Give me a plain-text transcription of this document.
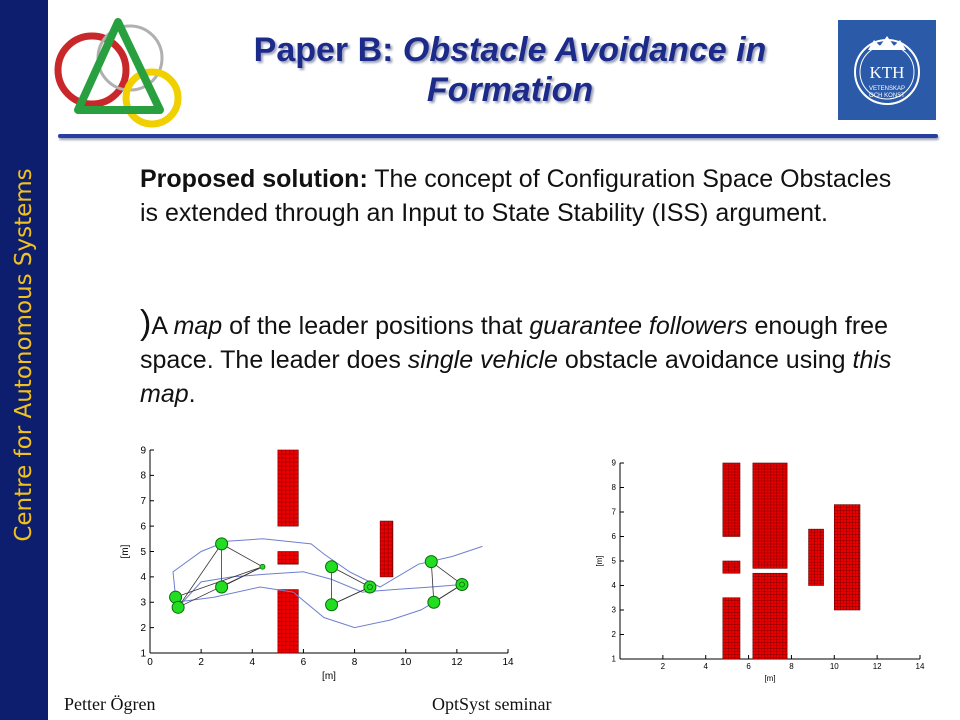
Centre for Autonomous Systems
Paper B: Obstacle Avoidance in Formation	KTH
VETENSKAP
OCH KONST

Proposed solution: The concept of Configuration Space Obstacles is extended through an Input to State Stability (ISS) argument.

)A map of the leader positions that guarantee followers enough free space. The leader does single vehicle obstacle avoidance using this map.

0	2	4	6	8	10	12	14
1
2
3
4
5
6
7
8
9
[m]
[m]
2	4	6	8	10	12	14
1
2
3
4
5
6
7
8
9
[m]
[m]
Petter Ögren	OptSyst seminar
